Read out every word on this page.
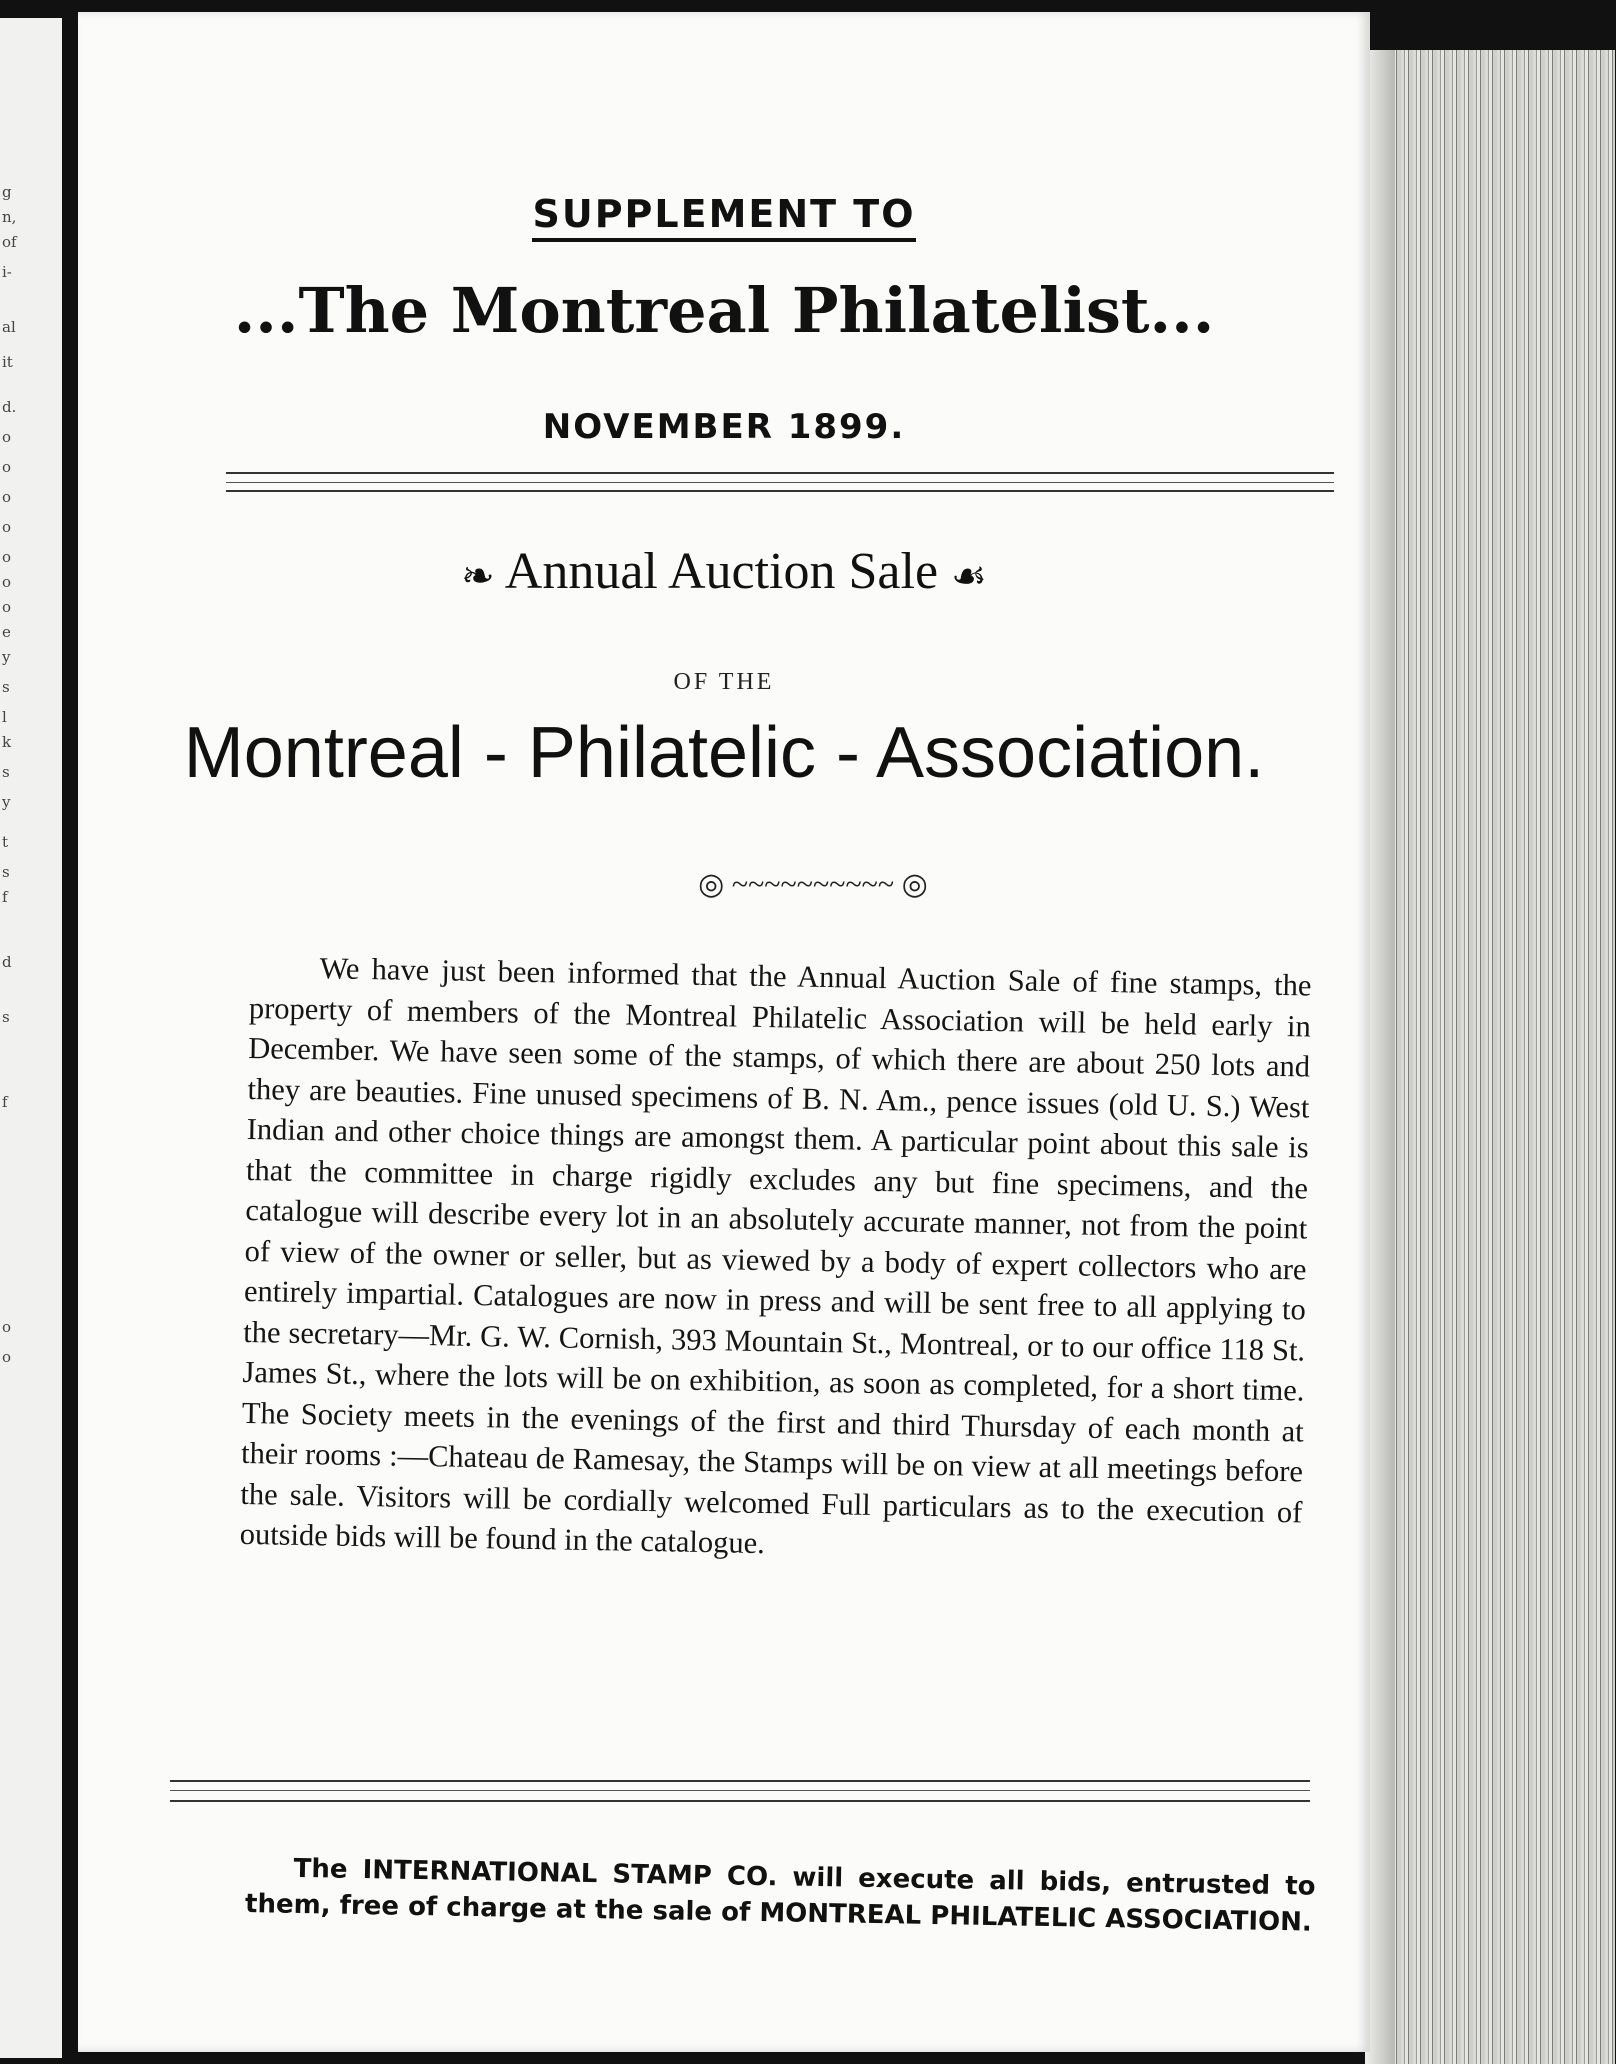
g
n,
of
i-
al
it
d.
o
o
o
o
o
o
o
e
y
s
l
k
s
y
t
s
f
d
s
f
o
o
SUPPLEMENT TO
...The Montreal Philatelist...
NOVEMBER 1899.
❧ Annual Auction Sale ☙
OF THE
Montreal - Philatelic - Association.
◎ ~~~~~~~~~~ ◎
We have just been informed that the Annual Auction Sale of fine stamps, the property of members of the Montreal Philatelic Association will be held early in December. We have seen some of the stamps, of which there are about 250 lots and they are beauties. Fine unused specimens of B. N. Am., pence issues (old U. S.) West Indian and other choice things are amongst them. A particular point about this sale is that the committee in charge rigidly excludes any but fine specimens, and the catalogue will describe every lot in an absolutely accurate manner, not from the point of view of the owner or seller, but as viewed by a body of expert collectors who are entirely impartial. Catalogues are now in press and will be sent free to all applying to the secretary—Mr. G. W. Cornish, 393 Mountain St., Montreal, or to our office 118 St. James St., where the lots will be on exhibition, as soon as completed, for a short time. The Society meets in the evenings of the first and third Thursday of each month at their rooms :—Chateau de Ramesay, the Stamps will be on view at all meetings before the sale. Visitors will be cordially welcomed Full particulars as to the execution of outside bids will be found in the catalogue.
The INTERNATIONAL STAMP CO. will execute all bids, entrusted to them, free of charge at the sale of MONTREAL PHILATELIC ASSOCIATION.
